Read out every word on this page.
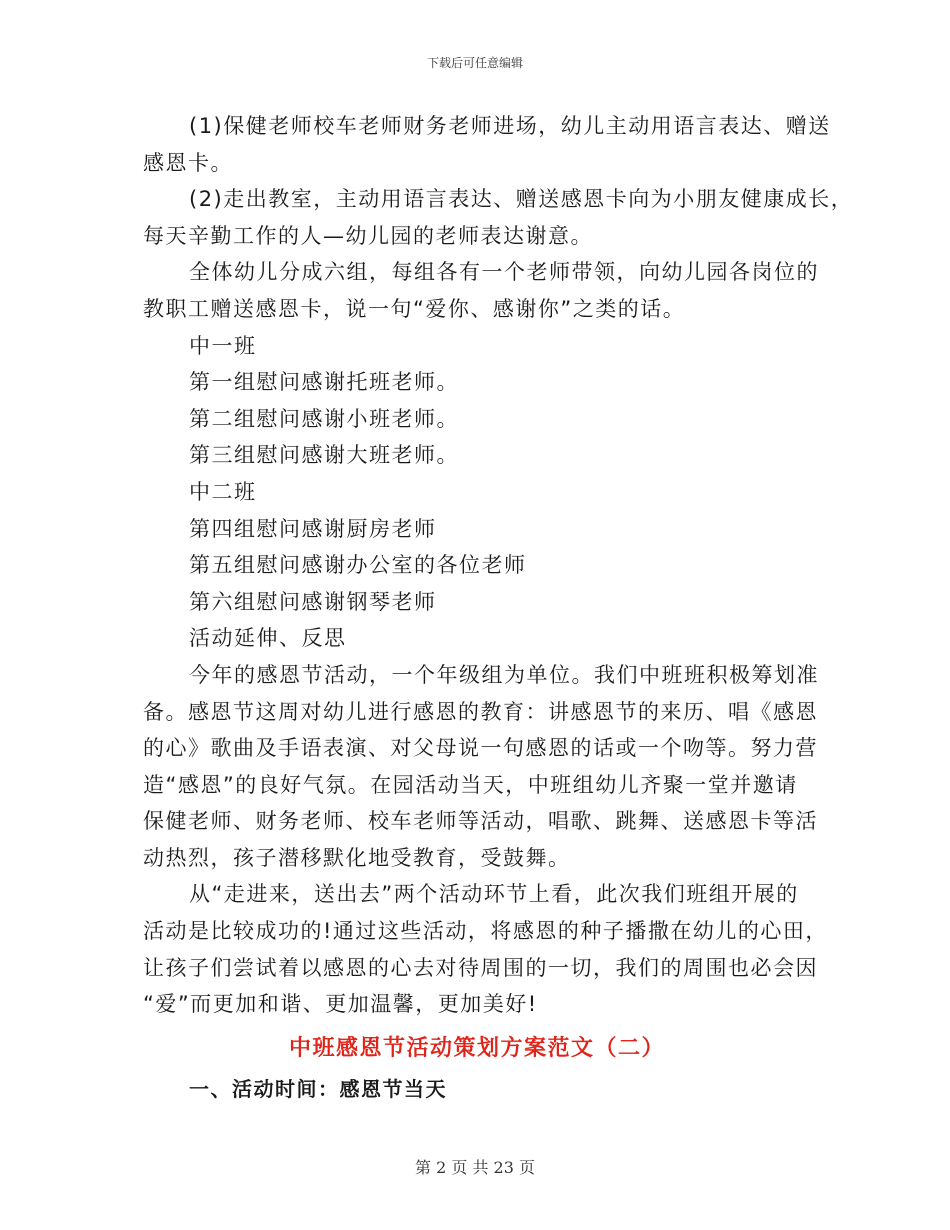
下载后可任意编辑
(1)保健老师校车老师财务老师进场，幼儿主动用语言表达、赠送
感恩卡。
(2)走出教室，主动用语言表达、赠送感恩卡向为小朋友健康成长，
每天辛勤工作的人—幼儿园的老师表达谢意。
全体幼儿分成六组，每组各有一个老师带领，向幼儿园各岗位的
教职工赠送感恩卡，说一句“爱你、感谢你”之类的话。
中一班
第一组慰问感谢托班老师。
第二组慰问感谢小班老师。
第三组慰问感谢大班老师。
中二班
第四组慰问感谢厨房老师
第五组慰问感谢办公室的各位老师
第六组慰问感谢钢琴老师
活动延伸、反思
今年的感恩节活动，一个年级组为单位。我们中班班积极筹划准
备。感恩节这周对幼儿进行感恩的教育：讲感恩节的来历、唱《感恩
的心》歌曲及手语表演、对父母说一句感恩的话或一个吻等。努力营
造“感恩”的良好气氛。在园活动当天，中班组幼儿齐聚一堂并邀请
保健老师、财务老师、校车老师等活动，唱歌、跳舞、送感恩卡等活
动热烈，孩子潜移默化地受教育，受鼓舞。
从“走进来，送出去”两个活动环节上看，此次我们班组开展的
活动是比较成功的!通过这些活动，将感恩的种子播撒在幼儿的心田，
让孩子们尝试着以感恩的心去对待周围的一切，我们的周围也必会因
“爱”而更加和谐、更加温馨，更加美好!
中班感恩节活动策划方案范文（二）
一、活动时间：感恩节当天
第 2 页 共 23 页
